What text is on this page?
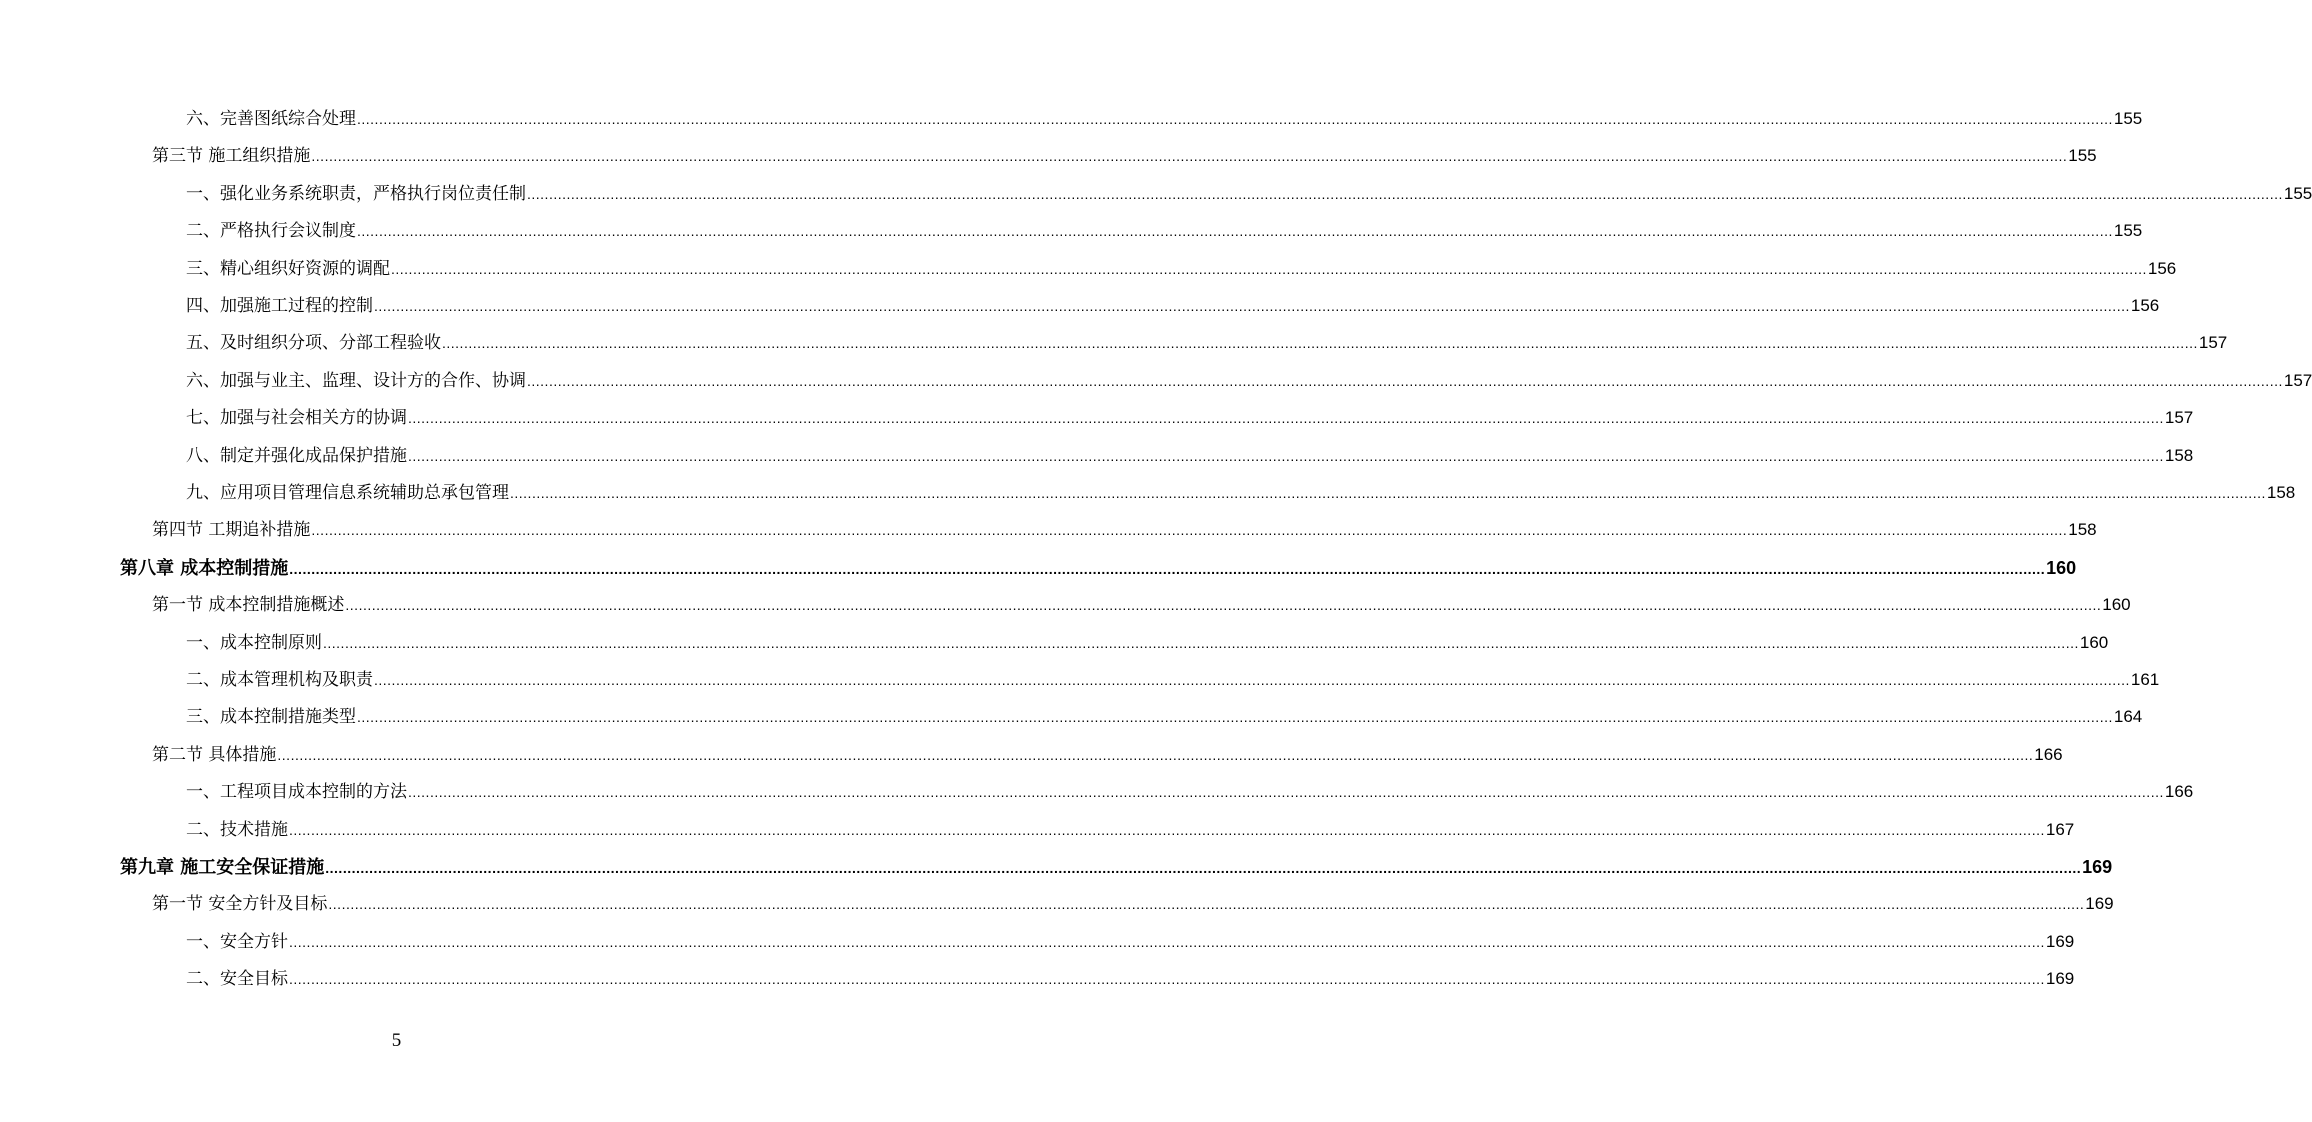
六、完善图纸综合处理 ................................................................................................................................................................................................................................................................................................................................................................................................................ 155
第三节 施工组织措施 ................................................................................................................................................................................................................................................................................................................................................................................................................ 155
一、强化业务系统职责，严格执行岗位责任制 ................................................................................................................................................................................................................................................................................................................................................................................................................ 155
二、严格执行会议制度 ................................................................................................................................................................................................................................................................................................................................................................................................................ 155
三、精心组织好资源的调配 ................................................................................................................................................................................................................................................................................................................................................................................................................ 156
四、加强施工过程的控制 ................................................................................................................................................................................................................................................................................................................................................................................................................ 156
五、及时组织分项、分部工程验收 ................................................................................................................................................................................................................................................................................................................................................................................................................ 157
六、加强与业主、监理、设计方的合作、协调 ................................................................................................................................................................................................................................................................................................................................................................................................................ 157
七、加强与社会相关方的协调 ................................................................................................................................................................................................................................................................................................................................................................................................................ 157
八、制定并强化成品保护措施 ................................................................................................................................................................................................................................................................................................................................................................................................................ 158
九、应用项目管理信息系统辅助总承包管理 ................................................................................................................................................................................................................................................................................................................................................................................................................ 158
第四节 工期追补措施 ................................................................................................................................................................................................................................................................................................................................................................................................................ 158
第八章 成本控制措施 ................................................................................................................................................................................................................................................................................................................................................................................................................ 160
第一节 成本控制措施概述 ................................................................................................................................................................................................................................................................................................................................................................................................................ 160
一、成本控制原则 ................................................................................................................................................................................................................................................................................................................................................................................................................ 160
二、成本管理机构及职责 ................................................................................................................................................................................................................................................................................................................................................................................................................ 161
三、成本控制措施类型 ................................................................................................................................................................................................................................................................................................................................................................................................................ 164
第二节 具体措施 ................................................................................................................................................................................................................................................................................................................................................................................................................ 166
一、工程项目成本控制的方法 ................................................................................................................................................................................................................................................................................................................................................................................................................ 166
二、技术措施 ................................................................................................................................................................................................................................................................................................................................................................................................................ 167
第九章 施工安全保证措施 ................................................................................................................................................................................................................................................................................................................................................................................................................ 169
第一节 安全方针及目标 ................................................................................................................................................................................................................................................................................................................................................................................................................ 169
一、安全方针 ................................................................................................................................................................................................................................................................................................................................................................................................................ 169
二、安全目标 ................................................................................................................................................................................................................................................................................................................................................................................................................ 169
5
